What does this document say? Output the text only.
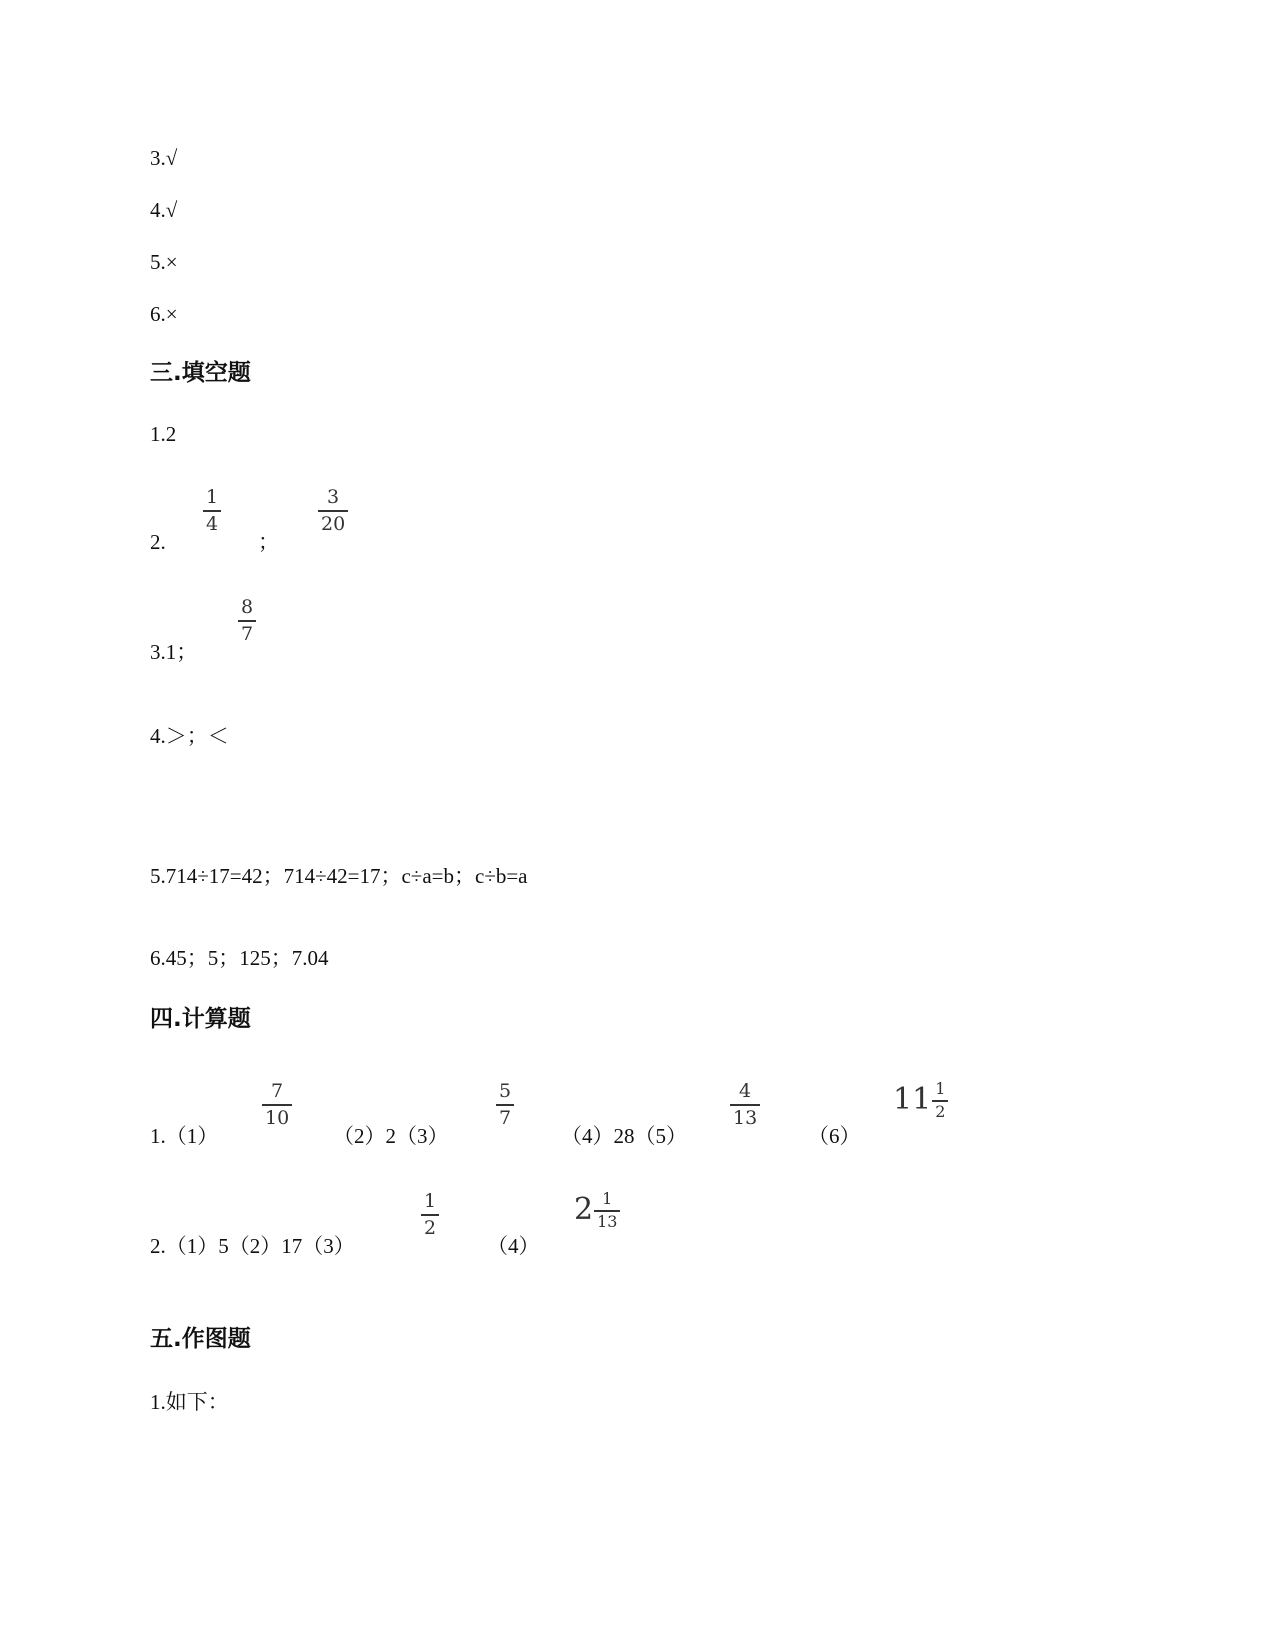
3.√
4.√
5.×
6.×
三.填空题
1.2
2.
1
4
；
3
20
3.1；
8
7
4.＞；＜
5.714÷17=42；714÷42=17；c÷a=b；c÷b=a
6.45；5；125；7.04
四.计算题
1.（1）
7
10
（2）2（3）
5
7
（4）28（5）
4
13
（6）
$11 \frac{1}{2}$
2.（1）5（2）17（3）
1
2
（4）
$2 \frac{1}{13}$
五.作图题
1.如下：
